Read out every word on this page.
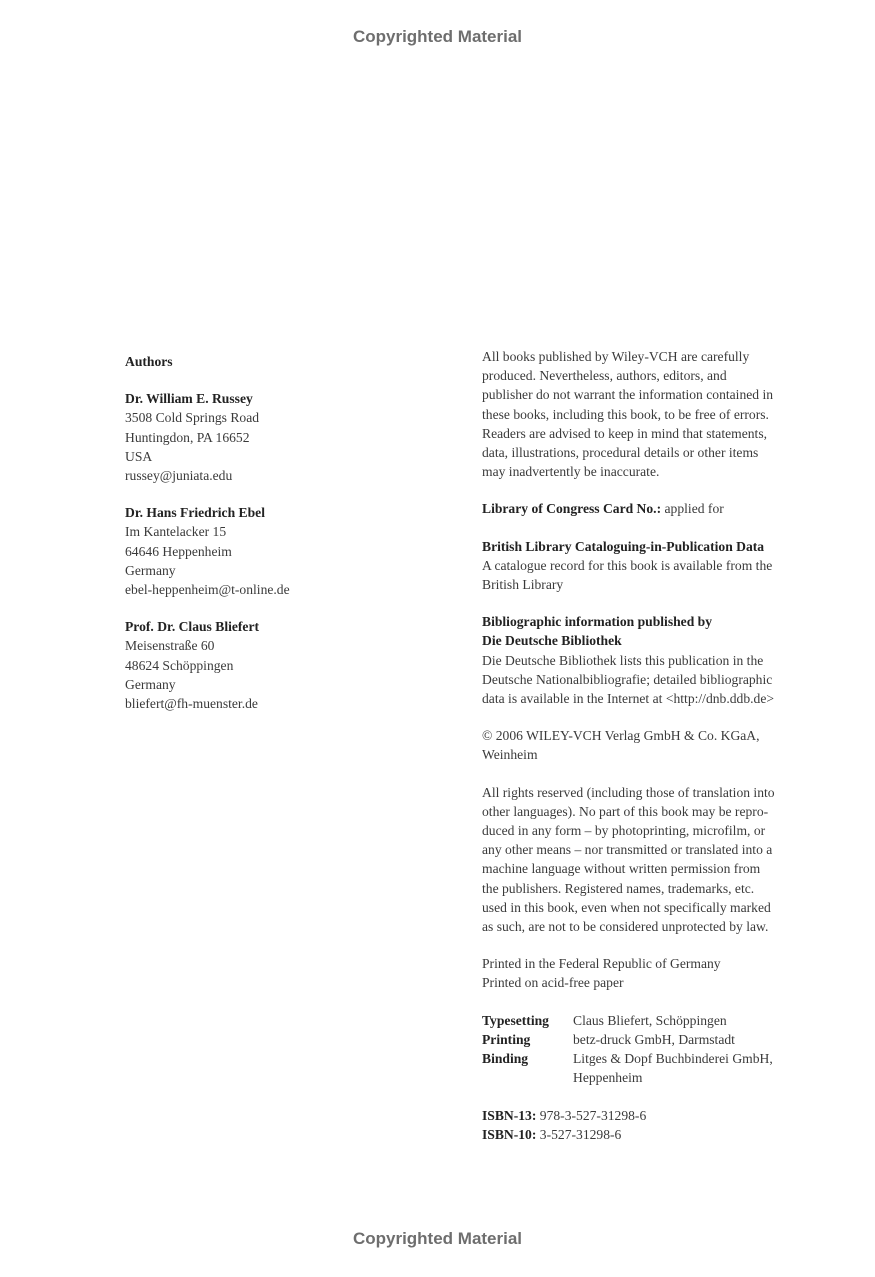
Copyrighted Material
Authors
Dr. William E. Russey
3508 Cold Springs Road
Huntingdon, PA 16652
USA
russey@juniata.edu
Dr. Hans Friedrich Ebel
Im Kantelacker 15
64646 Heppenheim
Germany
ebel-heppenheim@t-online.de
Prof. Dr. Claus Bliefert
Meisenstraße 60
48624 Schöppingen
Germany
bliefert@fh-muenster.de
All books published by Wiley-VCH are carefully
produced. Nevertheless, authors, editors, and
publisher do not warrant the information contained in
these books, including this book, to be free of errors.
Readers are advised to keep in mind that statements,
data, illustrations, procedural details or other items
may inadvertently be inaccurate.
Library of Congress Card No.: applied for
British Library Cataloguing-in-Publication Data
A catalogue record for this book is available from the
British Library
Bibliographic information published by
Die Deutsche Bibliothek
Die Deutsche Bibliothek lists this publication in the
Deutsche Nationalbibliografie; detailed bibliographic
data is available in the Internet at <http://dnb.ddb.de>
© 2006 WILEY-VCH Verlag GmbH & Co. KGaA,
Weinheim
All rights reserved (including those of translation into
other languages). No part of this book may be repro-
duced in any form – by photoprinting, microfilm, or
any other means – nor transmitted or translated into a
machine language without written permission from
the publishers. Registered names, trademarks, etc.
used in this book, even when not specifically marked
as such, are not to be considered unprotected by law.
Printed in the Federal Republic of Germany
Printed on acid-free paper
Typesetting	Claus Bliefert, Schöppingen
Printing	betz-druck GmbH, Darmstadt
Binding	Litges & Dopf Buchbinderei GmbH,
Heppenheim
ISBN-13: 978-3-527-31298-6
ISBN-10: 3-527-31298-6
Copyrighted Material
